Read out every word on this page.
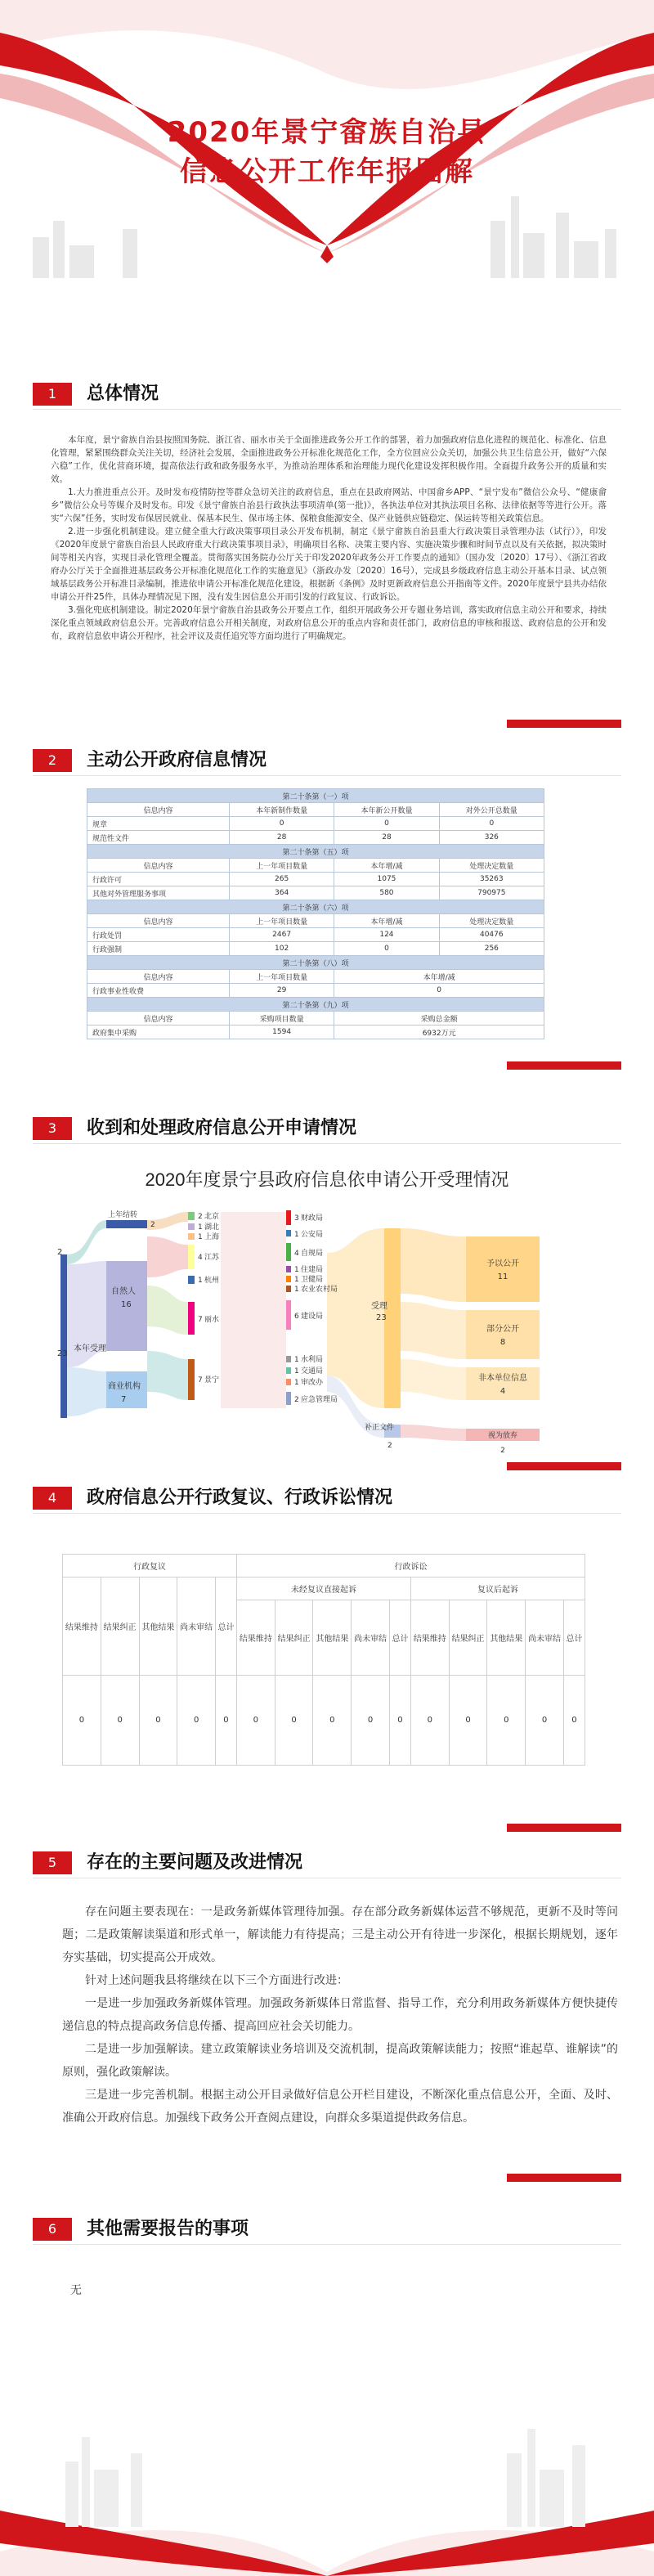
2020年景宁畲族自治县
信息公开工作年报图解
1	总体情况

本年度，景宁畲族自治县按照国务院、浙江省、丽水市关于全面推进政务公开工作的部署，着力加强政府信息化进程的规范化、标准化、信息化管理，紧紧围绕群众关注关切，经济社会发展，全面推进政务公开标准化规范化工作，全方位回应公众关切，加强公共卫生信息公开，做好“六保六稳”工作，优化营商环境，提高依法行政和政务服务水平，为推动治理体系和治理能力现代化建设发挥积极作用。全面提升政务公开的质量和实效。

1.大力推进重点公开。及时发布疫情防控等群众急切关注的政府信息，重点在县政府网站、中国畲乡APP、“景宁发布”微信公众号、“健康畲乡”微信公众号等媒介及时发布。印发《景宁畲族自治县行政执法事项清单(第一批)》，各执法单位对其执法项目名称、法律依据等等进行公开。落实“六保”任务，实时发布保居民就业、保基本民生、保市场主体、保粮食能源安全、保产业链供应链稳定、保运转等相关政策信息。

2.进一步强化机制建设。建立健全重大行政决策事项目录公开发布机制，制定《景宁畲族自治县重大行政决策目录管理办法（试行）》，印发《2020年度景宁畲族自治县人民政府重大行政决策事项目录》，明确项目名称、决策主要内容、实施决策步骤和时间节点以及有关依据，拟决策时间等相关内容，实现目录化管理全覆盖。贯彻落实国务院办公厅关于印发2020年政务公开工作要点的通知》（国办发〔2020〕17号）、《浙江省政府办公厅关于全面推进基层政务公开标准化规范化工作的实施意见》（浙政办发〔2020〕16号），完成县乡级政府信息主动公开基本目录、试点领域基层政务公开标准目录编制，推进依申请公开标准化规范化建设，根据新《条例》及时更新政府信息公开指南等文件。2020年度景宁县共办结依申请公开件25件，具体办理情况见下图，没有发生因信息公开而引发的行政复议、行政诉讼。

3.强化兜底机制建设。制定2020年景宁畲族自治县政务公开要点工作，组织开展政务公开专题业务培训，落实政府信息主动公开和要求，持续深化重点领域政府信息公开。完善政府信息公开相关制度，对政府信息公开的重点内容和责任部门，政府信息的审核和报送、政府信息的公开和发布，政府信息依申请公开程序，社会评议及责任追究等方面均进行了明确规定。

2	主动公开政府信息情况
第二十条第（一）项			
信息内容	本年新制作数量	本年新公开数量	对外公开总数量
规章	0	0	0
规范性文件	28	28	326
第二十条第（五）项			
信息内容	上一年项目数量	本年增/减	处理决定数量
行政许可	265	1075	35263
其他对外管理服务事项	364	580	790975
第二十条第（六）项			
信息内容	上一年项目数量	本年增/减	处理决定数量
行政处罚	2467	124	40476
行政强制	102	0	256
第二十条第（八）项			
信息内容	上一年项目数量	本年增/减	
行政事业性收费	29	0	
第二十条第（九）项			
信息内容	采购项目数量	采购总金额	
政府集中采购	1594	6932万元	
3	收到和处理政府信息公开申请情况
2020年度景宁县政府信息依申请公开受理情况
23
2
上年结转
2
自然人
16
本年受理
商业机构
7
2 北京
1 湖北
1 上海
4 江苏
1 杭州
7 丽水
7 景宁
3 财政局
1 公安局
4 自规局
1 住建局
1 卫健局
1 农业农村局
6 建设局
1 水利局
1 交通局
1 审改办
2 应急管理局
受理
23
补正文件
2
予以公开
11
部分公开
8
非本单位信息
4
视为放弃
2
4	政府信息公开行政复议、行政诉讼情况
行政复议					行政诉讼									
结果维持	结果纠正	其他结果	尚未审结	总计	未经复议直接起诉					复议后起诉				
					结果维持	结果纠正	其他结果	尚未审结	总计	结果维持	结果纠正	其他结果	尚未审结	总计
0	0	0	0	0	0	0	0	0	0	0	0	0	0	0
5	存在的主要问题及改进情况

存在问题主要表现在：一是政务新媒体管理待加强。存在部分政务新媒体运营不够规范，更新不及时等问题；二是政策解读渠道和形式单一，解读能力有待提高；三是主动公开有待进一步深化，根据长期规划，逐年夯实基础，切实提高公开成效。

针对上述问题我县将继续在以下三个方面进行改进：

一是进一步加强政务新媒体管理。加强政务新媒体日常监督、指导工作，充分利用政务新媒体方便快捷传递信息的特点提高政务信息传播、提高回应社会关切能力。

二是进一步加强解读。建立政策解读业务培训及交流机制，提高政策解读能力；按照“谁起草、谁解读”的原则，强化政策解读。

三是进一步完善机制。根据主动公开目录做好信息公开栏目建设，不断深化重点信息公开，全面、及时、准确公开政府信息。加强线下政务公开查阅点建设，向群众多渠道提供政务信息。

6	其他需要报告的事项
无
